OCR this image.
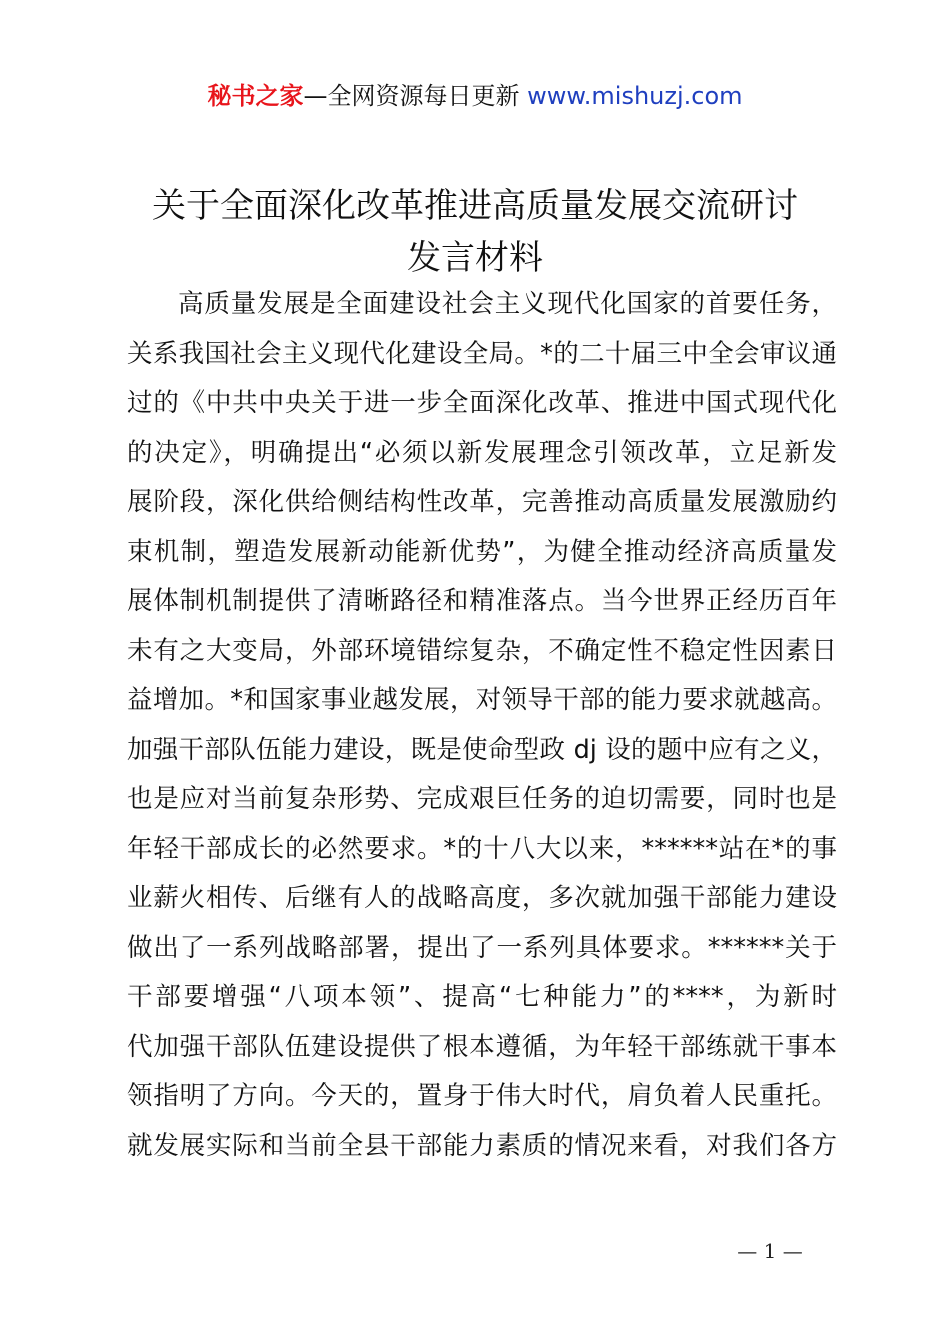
秘书之家—全网资源每日更新 www.mishuzj.com
关于全面深化改革推进高质量发展交流研讨
发言材料
高质量发展是全面建设社会主义现代化国家的首要任务，
关系我国社会主义现代化建设全局。*的二十届三中全会审议通
过的《中共中央关于进一步全面深化改革、推进中国式现代化
的决定》，明确提出“必须以新发展理念引领改革，立足新发
展阶段，深化供给侧结构性改革，完善推动高质量发展激励约
束机制，塑造发展新动能新优势”，为健全推动经济高质量发
展体制机制提供了清晰路径和精准落点。当今世界正经历百年
未有之大变局，外部环境错综复杂，不确定性不稳定性因素日
益增加。*和国家事业越发展，对领导干部的能力要求就越高。
加强干部队伍能力建设，既是使命型政 dj 设的题中应有之义，
也是应对当前复杂形势、完成艰巨任务的迫切需要，同时也是
年轻干部成长的必然要求。*的十八大以来，******站在*的事
业薪火相传、后继有人的战略高度，多次就加强干部能力建设
做出了一系列战略部署，提出了一系列具体要求。******关于
干部要增强“八项本领”、提高“七种能力”的****，为新时
代加强干部队伍建设提供了根本遵循，为年轻干部练就干事本
领指明了方向。今天的，置身于伟大时代，肩负着人民重托。
就发展实际和当前全县干部能力素质的情况来看，对我们各方
— 1 —
